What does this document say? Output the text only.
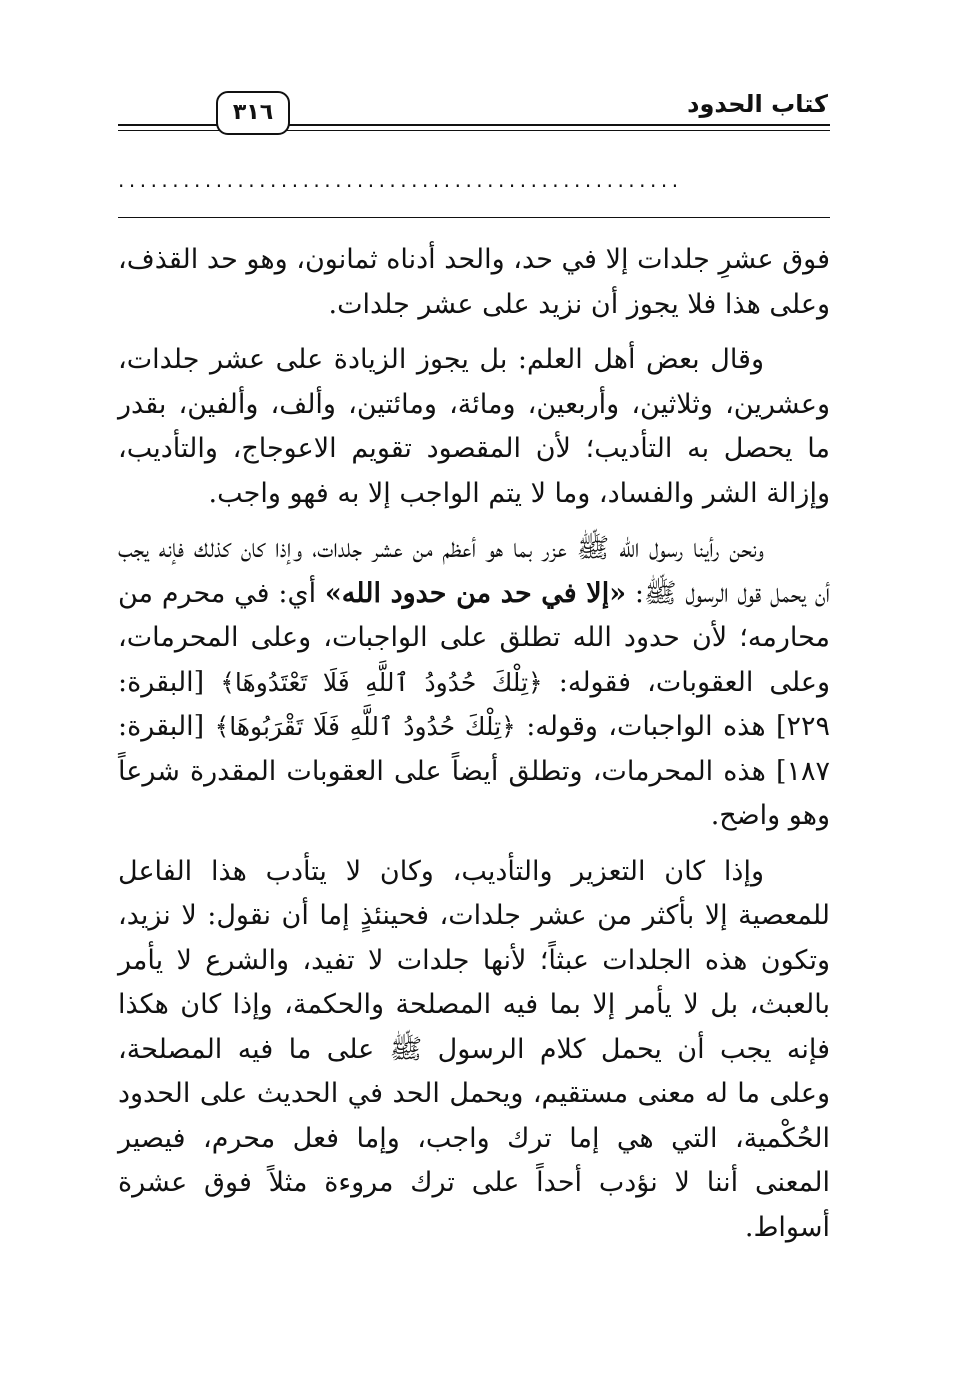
كتاب الحدود
٣١٦
....................................................

فوق عشرِ جلدات إلا في حد، والحد أدناه ثمانون، وهو حد القذف، وعلى هذا فلا يجوز أن نزيد على عشر جلدات.

وقال بعض أهل العلم: بل يجوز الزيادة على عشر جلدات، وعشرين، وثلاثين، وأربعين، ومائة، ومائتين، وألف، وألفين، بقدر ما يحصل به التأديب؛ لأن المقصود تقويم الاعوجاج، والتأديب، وإزالة الشر والفساد، وما لا يتم الواجب إلا به فهو واجب.

ونحن رأينا رسول الله ﷺ عزر بما هو أعظم من عشر جلدات، وإذا كان كذلك فإنه يجب أن يحمل قول الرسول ﷺ: «إلا في حد من حدود الله» أي: في محرم من محارمه؛ لأن حدود الله تطلق على الواجبات، وعلى المحرمات، وعلى العقوبات، فقوله: ﴿تِلْكَ حُدُودُ ٱللَّهِ فَلَا تَعْتَدُوهَا﴾ [البقرة: ٢٢٩] هذه الواجبات، وقوله: ﴿تِلْكَ حُدُودُ ٱللَّهِ فَلَا تَقْرَبُوهَا﴾ [البقرة: ١٨٧] هذه المحرمات، وتطلق أيضاً على العقوبات المقدرة شرعاً وهو واضح.

وإذا كان التعزير والتأديب، وكان لا يتأدب هذا الفاعل للمعصية إلا بأكثر من عشر جلدات، فحينئذٍ إما أن نقول: لا نزيد، وتكون هذه الجلدات عبثاً؛ لأنها جلدات لا تفيد، والشرع لا يأمر بالعبث، بل لا يأمر إلا بما فيه المصلحة والحكمة، وإذا كان هكذا فإنه يجب أن يحمل كلام الرسول ﷺ على ما فيه المصلحة، وعلى ما له معنى مستقيم، ويحمل الحد في الحديث على الحدود الحُكْمية، التي هي إما ترك واجب، وإما فعل محرم، فيصير المعنى أننا لا نؤدب أحداً على ترك مروءة مثلاً فوق عشرة أسواط.
